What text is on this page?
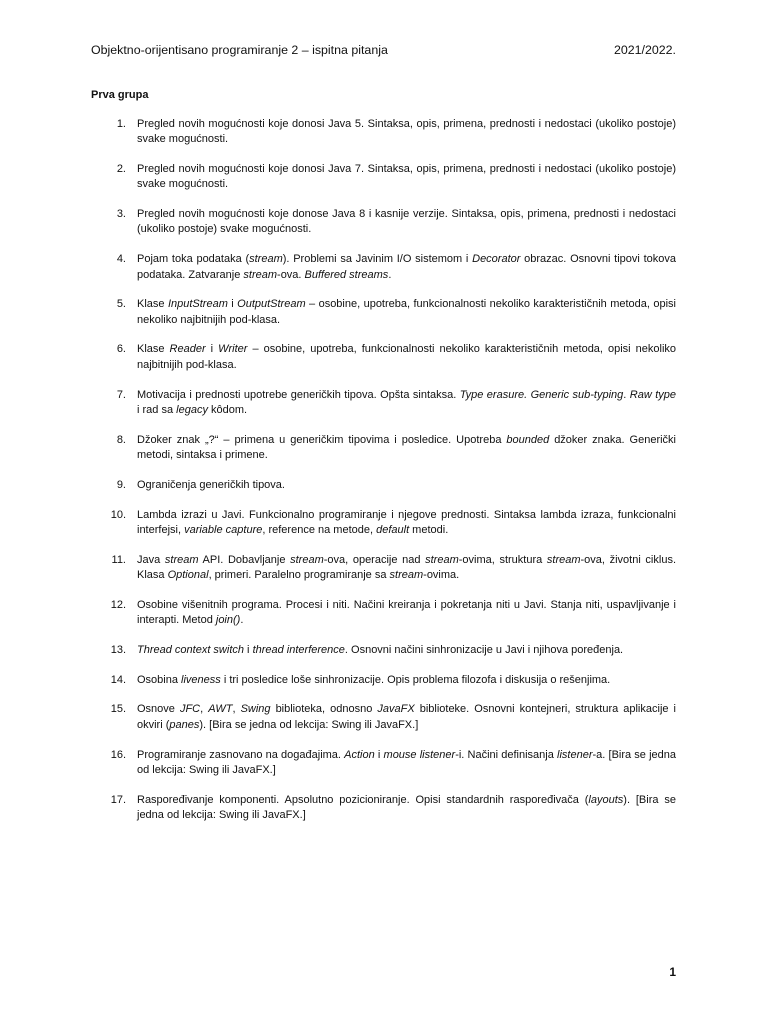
Objektno-orijentisano programiranje 2 – ispitna pitanja	2021/2022.
Prva grupa
1.	Pregled novih mogućnosti koje donosi Java 5. Sintaksa, opis, primena, prednosti i nedostaci (ukoliko postoje) svake mogućnosti.
2.	Pregled novih mogućnosti koje donosi Java 7. Sintaksa, opis, primena, prednosti i nedostaci (ukoliko postoje) svake mogućnosti.
3.	Pregled novih mogućnosti koje donose Java 8 i kasnije verzije. Sintaksa, opis, primena, prednosti i nedostaci (ukoliko postoje) svake mogućnosti.
4.	Pojam toka podataka (stream). Problemi sa Javinim I/O sistemom i Decorator obrazac. Osnovni tipovi tokova podataka. Zatvaranje stream-ova. Buffered streams.
5.	Klase InputStream i OutputStream – osobine, upotreba, funkcionalnosti nekoliko karakterističnih metoda, opisi nekoliko najbitnijih pod-klasa.
6.	Klase Reader i Writer – osobine, upotreba, funkcionalnosti nekoliko karakterističnih metoda, opisi nekoliko najbitnijih pod-klasa.
7.	Motivacija i prednosti upotrebe generičkih tipova. Opšta sintaksa. Type erasure. Generic sub-typing. Raw type i rad sa legacy kôdom.
8.	Džoker znak „?“ – primena u generičkim tipovima i posledice. Upotreba bounded džoker znaka. Generički metodi, sintaksa i primene.
9.	Ograničenja generičkih tipova.
10.	Lambda izrazi u Javi. Funkcionalno programiranje i njegove prednosti. Sintaksa lambda izraza, funkcionalni interfejsi, variable capture, reference na metode, default metodi.
11.	Java stream API. Dobavljanje stream-ova, operacije nad stream-ovima, struktura stream-ova, životni ciklus. Klasa Optional, primeri. Paralelno programiranje sa stream-ovima.
12.	Osobine višenitnih programa. Procesi i niti. Načini kreiranja i pokretanja niti u Javi. Stanja niti, uspavljivanje i interapti. Metod join().
13.	Thread context switch i thread interference. Osnovni načini sinhronizacije u Javi i njihova poređenja.
14.	Osobina liveness i tri posledice loše sinhronizacije. Opis problema filozofa i diskusija o rešenjima.
15.	Osnove JFC, AWT, Swing biblioteka, odnosno JavaFX biblioteke. Osnovni kontejneri, struktura aplikacije i okviri (panes). [Bira se jedna od lekcija: Swing ili JavaFX.]
16.	Programiranje zasnovano na događajima. Action i mouse listener-i. Načini definisanja listener-a. [Bira se jedna od lekcija: Swing ili JavaFX.]
17.	Raspoređivanje komponenti. Apsolutno pozicioniranje. Opisi standardnih raspoređivača (layouts). [Bira se jedna od lekcija: Swing ili JavaFX.]
1
